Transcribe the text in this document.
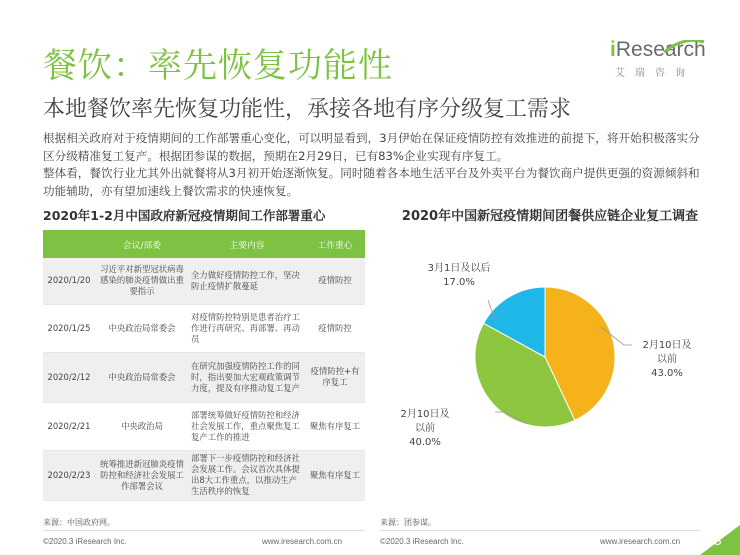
餐饮：率先恢复功能性
本地餐饮率先恢复功能性，承接各地有序分级复工需求
iResearch
艾瑞咨询

根据相关政府对于疫情期间的工作部署重心变化，可以明显看到，3月伊始在保证疫情防控有效推进的前提下，将开始积极落实分区分级精准复工复产。根据团参谋的数据，预期在2月29日，已有83%企业实现有序复工。

整体看，餐饮行业尤其外出就餐将从3月初开始逐渐恢复。同时随着各本地生活平台及外卖平台为餐饮商户提供更强的资源倾斜和功能辅助，亦有望加速线上餐饮需求的快速恢复。

2020年1-2月中国政府新冠疫情期间工作部署重心
	会议/部委	主要内容	工作重心
2020/1/20	习近平对新型冠状病毒感染的肺炎疫情做出重要指示	全力做好疫情防控工作，坚决防止疫情扩散蔓延	疫情防控
2020/1/25	中央政治局常委会	对疫情防控特别是患者治疗工作进行再研究、再部署、再动员	疫情防控
2020/2/12	中央政治局常委会	在研究加强疫情防控工作的同时，指出要加大宏观政策调节力度，提及有序推动复工复产	疫情防控+有序复工
2020/2/21	中央政治局	部署统筹做好疫情防控和经济社会发展工作，重点聚焦复工复产工作的推进	聚焦有序复工
2020/2/23	统筹推进新冠肺炎疫情防控和经济社会发展工作部署会议	部署下一步疫情防控和经济社会发展工作。会议首次具体提出8大工作重点，以推动生产生活秩序的恢复	聚焦有序复工
来源：中国政府网。
2020年中国新冠疫情期间团餐供应链企业复工调查
2月10日及
以前
43.0%
2月10日及
以前
40.0%
3月1日及以后
17.0%
来源：团参谋。
©2020.3 iResearch Inc.	www.iresearch.com.cn	©2020.3 iResearch Inc.	www.iresearch.com.cn 23
